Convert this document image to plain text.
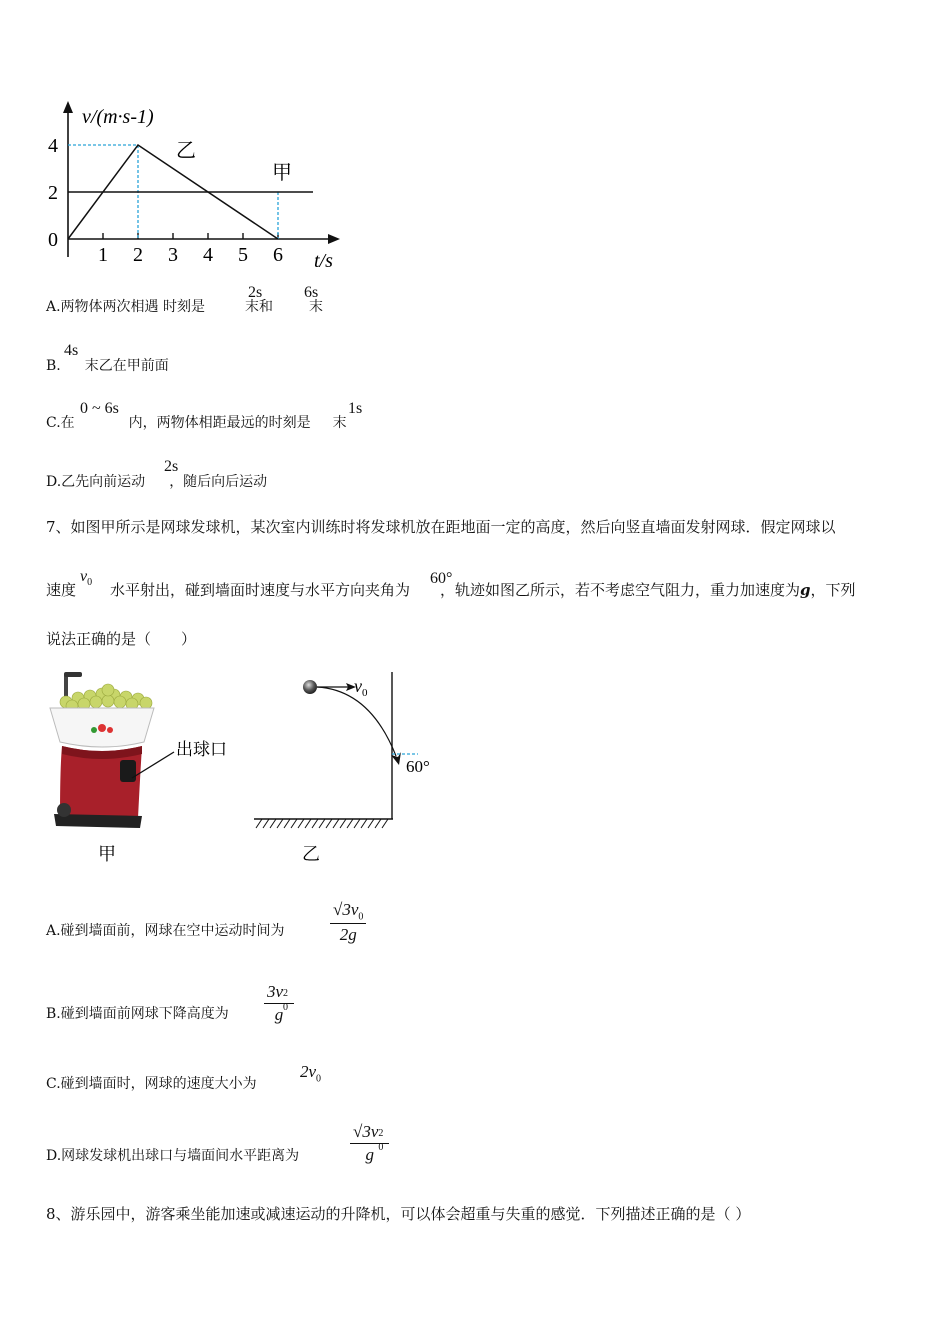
1 2 3 4 5 6
0
2
4
v/(m·s-1)
t/s
乙
甲
A.两物体两次相遇 时刻是	末和	末
2s	6s
B. 末乙在甲前面
4s
C.在	内，两物体相距最远的时刻是 末
0 ~ 6s	1s
D.乙先向前运动 ，随后向后运动
2s
7、如图甲所示是网球发球机，某次室内训练时将发球机放在距地面一定的高度，然后向竖直墙面发射网球．假定网球以
速度 水平射出，碰到墙面时速度与水平方向夹角为 ，轨迹如图乙所示，若不考虑空气阻力，重力加速度为g，下列
$v_0$	60°
说法正确的是（　　）
出球口
甲
$v_0$
60°
乙
A.碰到墙面前，网球在空中运动时间为	$\frac{√3v_0}{2g}$
B.碰到墙面前网球下降高度为 3v 2
0
g
C.碰到墙面时，网球的速度大小为
$2v_0$
D.网球发球机出球口与墙面间水平距离为	√3v 2
0
g
8、游乐园中，游客乘坐能加速或减速运动的升降机，可以体会超重与失重的感觉．下列描述正确的是（ ）
